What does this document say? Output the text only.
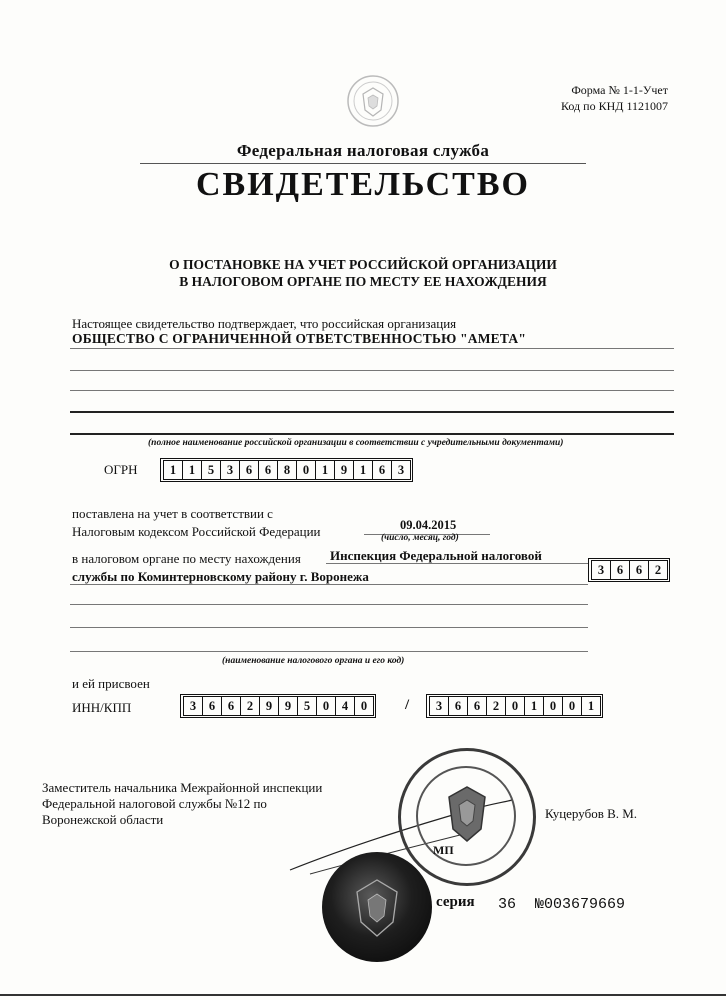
Форма № 1-1-Учет
Код по КНД 1121007
Федеральная налоговая служба
СВИДЕТЕЛЬСТВО
О ПОСТАНОВКЕ НА УЧЕТ РОССИЙСКОЙ ОРГАНИЗАЦИИ
В НАЛОГОВОМ ОРГАНЕ ПО МЕСТУ ЕЕ НАХОЖДЕНИЯ
Настоящее свидетельство подтверждает, что российская организация
ОБЩЕСТВО С ОГРАНИЧЕННОЙ ОТВЕТСТВЕННОСТЬЮ "АМЕТА"
(полное наименование российской организации в соответствии с учредительными документами)
ОГРН	1	1	5	3	6	6	8	0	1	9	1	6	3
поставлена на учет в соответствии с
Налоговым кодексом Российской Федерации	09.04.2015
(число, месяц, год)
в налоговом органе по месту нахождения Инспекция Федеральной налоговой
службы по Коминтерновскому району г. Воронежа	3	6	6	2
(наименование налогового органа и его код)
и ей присвоен
ИНН/КПП	3	6	6	2	9	9	5	0	4	0	/	3	6	6	2	0	1	0	0	1
Заместитель начальника Межрайонной инспекции
Федеральной налоговой службы №12 по
Воронежской области	Куцерубов В. М.
МП
серия 36 №003679669
